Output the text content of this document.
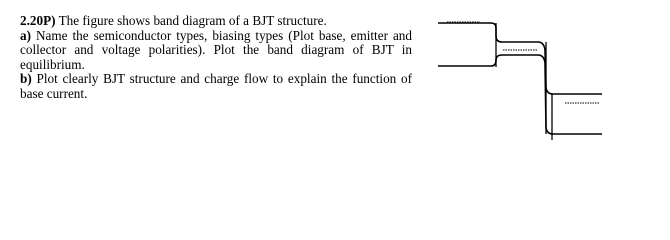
2.20P) The figure shows band diagram of a BJT structure.

a) Name the semiconductor types, biasing types (Plot base, emitter and collector and voltage polarities). Plot the band diagram of BJT in equilibrium.

b) Plot clearly BJT structure and charge flow to explain the function of base current.
